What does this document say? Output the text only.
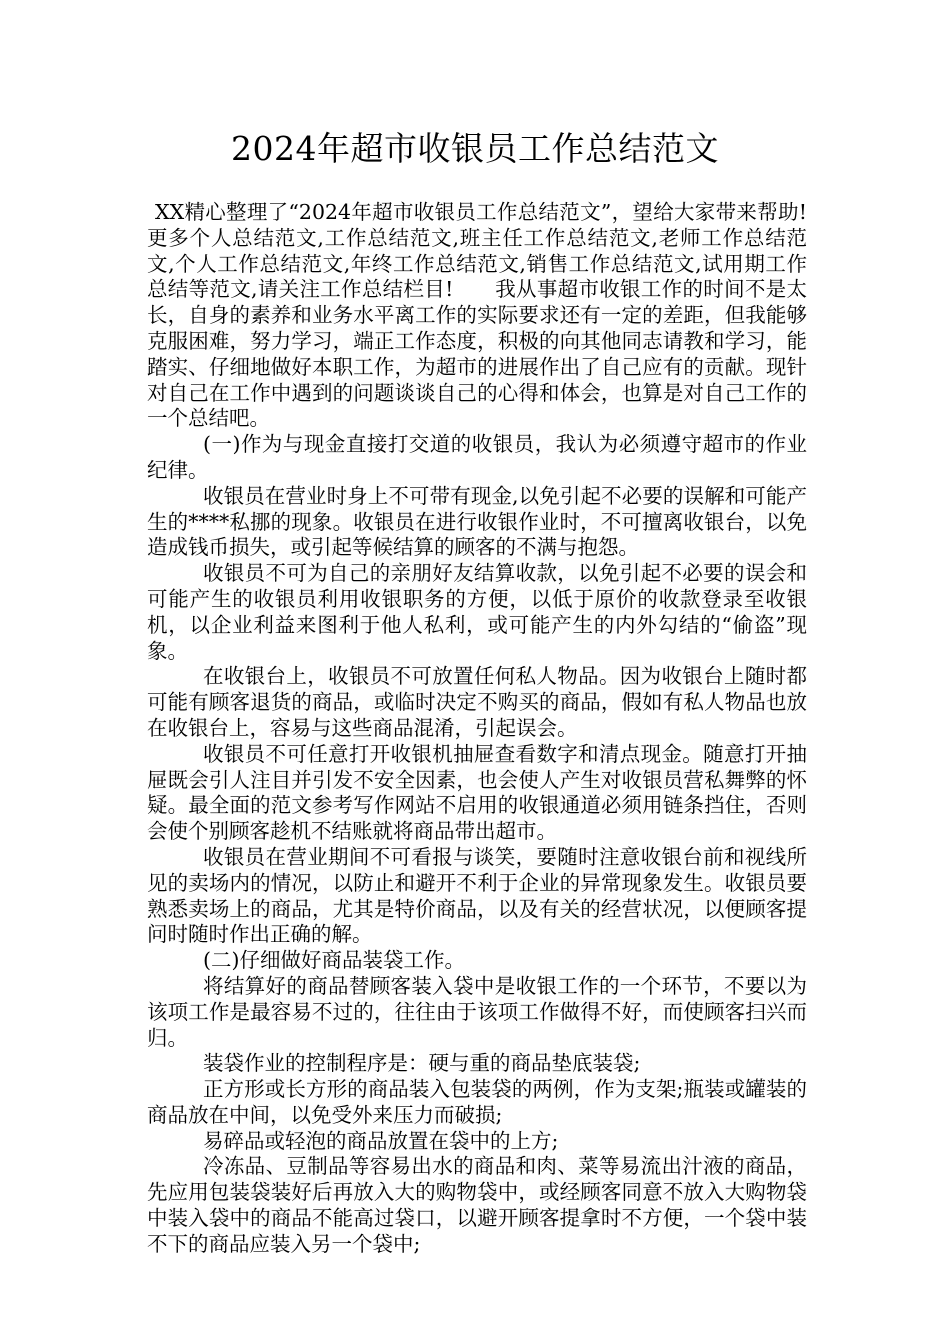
2024年超市收银员工作总结范文

XX精心整理了“2024年超市收银员工作总结范文”，望给大家带来帮助!更多个人总结范文,工作总结范文,班主任工作总结范文,老师工作总结范文,个人工作总结范文,年终工作总结范文,销售工作总结范文,试用期工作总结等范文,请关注工作总结栏目!　　我从事超市收银工作的时间不是太长，自身的素养和业务水平离工作的实际要求还有一定的差距，但我能够克服困难，努力学习，端正工作态度，积极的向其他同志请教和学习，能踏实、仔细地做好本职工作，为超市的进展作出了自己应有的贡献。现针对自己在工作中遇到的问题谈谈自己的心得和体会，也算是对自己工作的一个总结吧。

(一)作为与现金直接打交道的收银员，我认为必须遵守超市的作业纪律。

收银员在营业时身上不可带有现金,以免引起不必要的误解和可能产生的****私挪的现象。收银员在进行收银作业时，不可擅离收银台，以免造成钱币损失，或引起等候结算的顾客的不满与抱怨。

收银员不可为自己的亲朋好友结算收款，以免引起不必要的误会和可能产生的收银员利用收银职务的方便，以低于原价的收款登录至收银机，以企业利益来图利于他人私利，或可能产生的内外勾结的“偷盗”现象。

在收银台上，收银员不可放置任何私人物品。因为收银台上随时都可能有顾客退货的商品，或临时决定不购买的商品，假如有私人物品也放在收银台上，容易与这些商品混淆，引起误会。

收银员不可任意打开收银机抽屉查看数字和清点现金。随意打开抽屉既会引人注目并引发不安全因素，也会使人产生对收银员营私舞弊的怀疑。最全面的范文参考写作网站不启用的收银通道必须用链条挡住，否则会使个别顾客趁机不结账就将商品带出超市。

收银员在营业期间不可看报与谈笑，要随时注意收银台前和视线所见的卖场内的情况，以防止和避开不利于企业的异常现象发生。收银员要熟悉卖场上的商品，尤其是特价商品，以及有关的经营状况，以便顾客提问时随时作出正确的解。

(二)仔细做好商品装袋工作。

将结算好的商品替顾客装入袋中是收银工作的一个环节，不要以为该项工作是最容易不过的，往往由于该项工作做得不好，而使顾客扫兴而归。

装袋作业的控制程序是：硬与重的商品垫底装袋;

正方形或长方形的商品装入包装袋的两例，作为支架;瓶装或罐装的商品放在中间，以免受外来压力而破损;

易碎品或轻泡的商品放置在袋中的上方;

冷冻品、豆制品等容易出水的商品和肉、菜等易流出汁液的商品，先应用包装袋装好后再放入大的购物袋中，或经顾客同意不放入大购物袋中装入袋中的商品不能高过袋口，以避开顾客提拿时不方便，一个袋中装不下的商品应装入另一个袋中;
